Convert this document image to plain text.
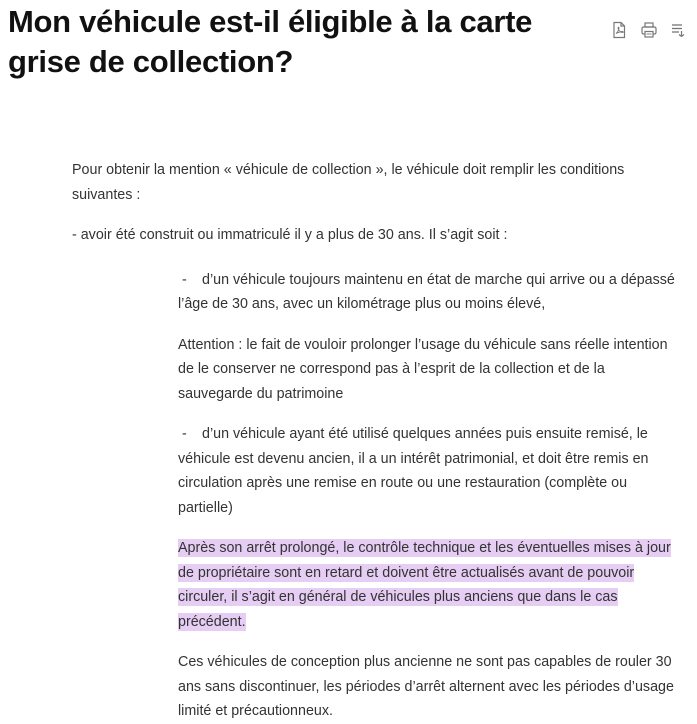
Mon véhicule est-il éligible à la carte grise de collection?

Pour obtenir la mention « véhicule de collection », le véhicule doit remplir les conditions suivantes :

- avoir été construit ou immatriculé il y a plus de 30 ans. Il s’agit soit :

- d’un véhicule toujours maintenu en état de marche qui arrive ou a dépassé l’âge de 30 ans, avec un kilométrage plus ou moins élevé,

Attention : le fait de vouloir prolonger l’usage du véhicule sans réelle intention de le conserver ne correspond pas à l’esprit de la collection et de la sauvegarde du patrimoine

- d’un véhicule ayant été utilisé quelques années puis ensuite remisé, le véhicule est devenu ancien, il a un intérêt patrimonial, et doit être remis en circulation après une remise en route ou une restauration (complète ou partielle)

Après son arrêt prolongé, le contrôle technique et les éventuelles mises à jour de propriétaire sont en retard et doivent être actualisés avant de pouvoir circuler, il s’agit en général de véhicules plus anciens que dans le cas précédent.

Ces véhicules de conception plus ancienne ne sont pas capables de rouler 30 ans sans discontinuer, les périodes d’arrêt alternent avec les périodes d’usage limité et précautionneux.
